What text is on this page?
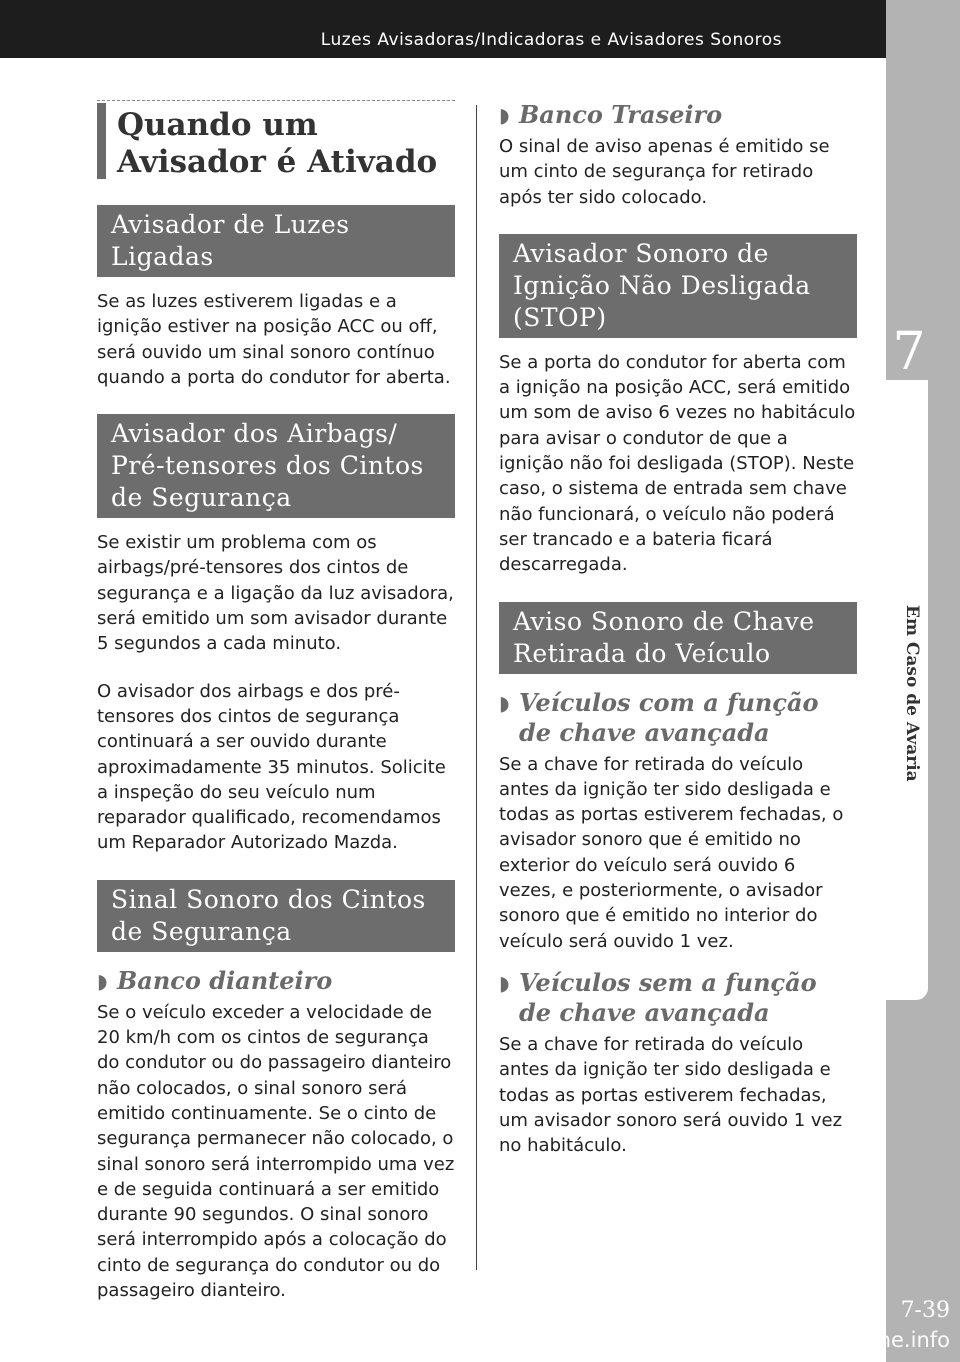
Luzes Avisadoras/Indicadoras e Avisadores Sonoros
7
Em Caso de Avaria
7-39
carmanualsonline.info
Quando um Avisador é Ativado
Avisador de Luzes Ligadas
Se as luzes estiverem ligadas e a ignição estiver na posição ACC ou off, será ouvido um sinal sonoro contínuo quando a porta do condutor for aberta.
Avisador dos Airbags/ Pré-tensores dos Cintos de Segurança
Se existir um problema com os airbags/pré-tensores dos cintos de segurança e a ligação da luz avisadora, será emitido um som avisador durante 5 segundos a cada minuto.
O avisador dos airbags e dos pré-tensores dos cintos de segurança continuará a ser ouvido durante aproximadamente 35 minutos. Solicite a inspeção do seu veículo num reparador qualificado, recomendamos um Reparador Autorizado Mazda.
Sinal Sonoro dos Cintos de Segurança
◗ Banco dianteiro
Se o veículo exceder a velocidade de 20 km/h com os cintos de segurança do condutor ou do passageiro dianteiro não colocados, o sinal sonoro será emitido continuamente. Se o cinto de segurança permanecer não colocado, o sinal sonoro será interrompido uma vez e de seguida continuará a ser emitido durante 90 segundos. O sinal sonoro será interrompido após a colocação do cinto de segurança do condutor ou do passageiro dianteiro.
◗ Banco Traseiro
O sinal de aviso apenas é emitido se um cinto de segurança for retirado após ter sido colocado.
Avisador Sonoro de Ignição Não Desligada (STOP)
Se a porta do condutor for aberta com a ignição na posição ACC, será emitido um som de aviso 6 vezes no habitáculo para avisar o condutor de que a ignição não foi desligada (STOP). Neste caso, o sistema de entrada sem chave não funcionará, o veículo não poderá ser trancado e a bateria ficará descarregada.
Aviso Sonoro de Chave Retirada do Veículo
◗ Veículos com a função de chave avançada
Se a chave for retirada do veículo antes da ignição ter sido desligada e todas as portas estiverem fechadas, o avisador sonoro que é emitido no exterior do veículo será ouvido 6 vezes, e posteriormente, o avisador sonoro que é emitido no interior do veículo será ouvido 1 vez.
◗ Veículos sem a função de chave avançada
Se a chave for retirada do veículo antes da ignição ter sido desligada e todas as portas estiverem fechadas, um avisador sonoro será ouvido 1 vez no habitáculo.
